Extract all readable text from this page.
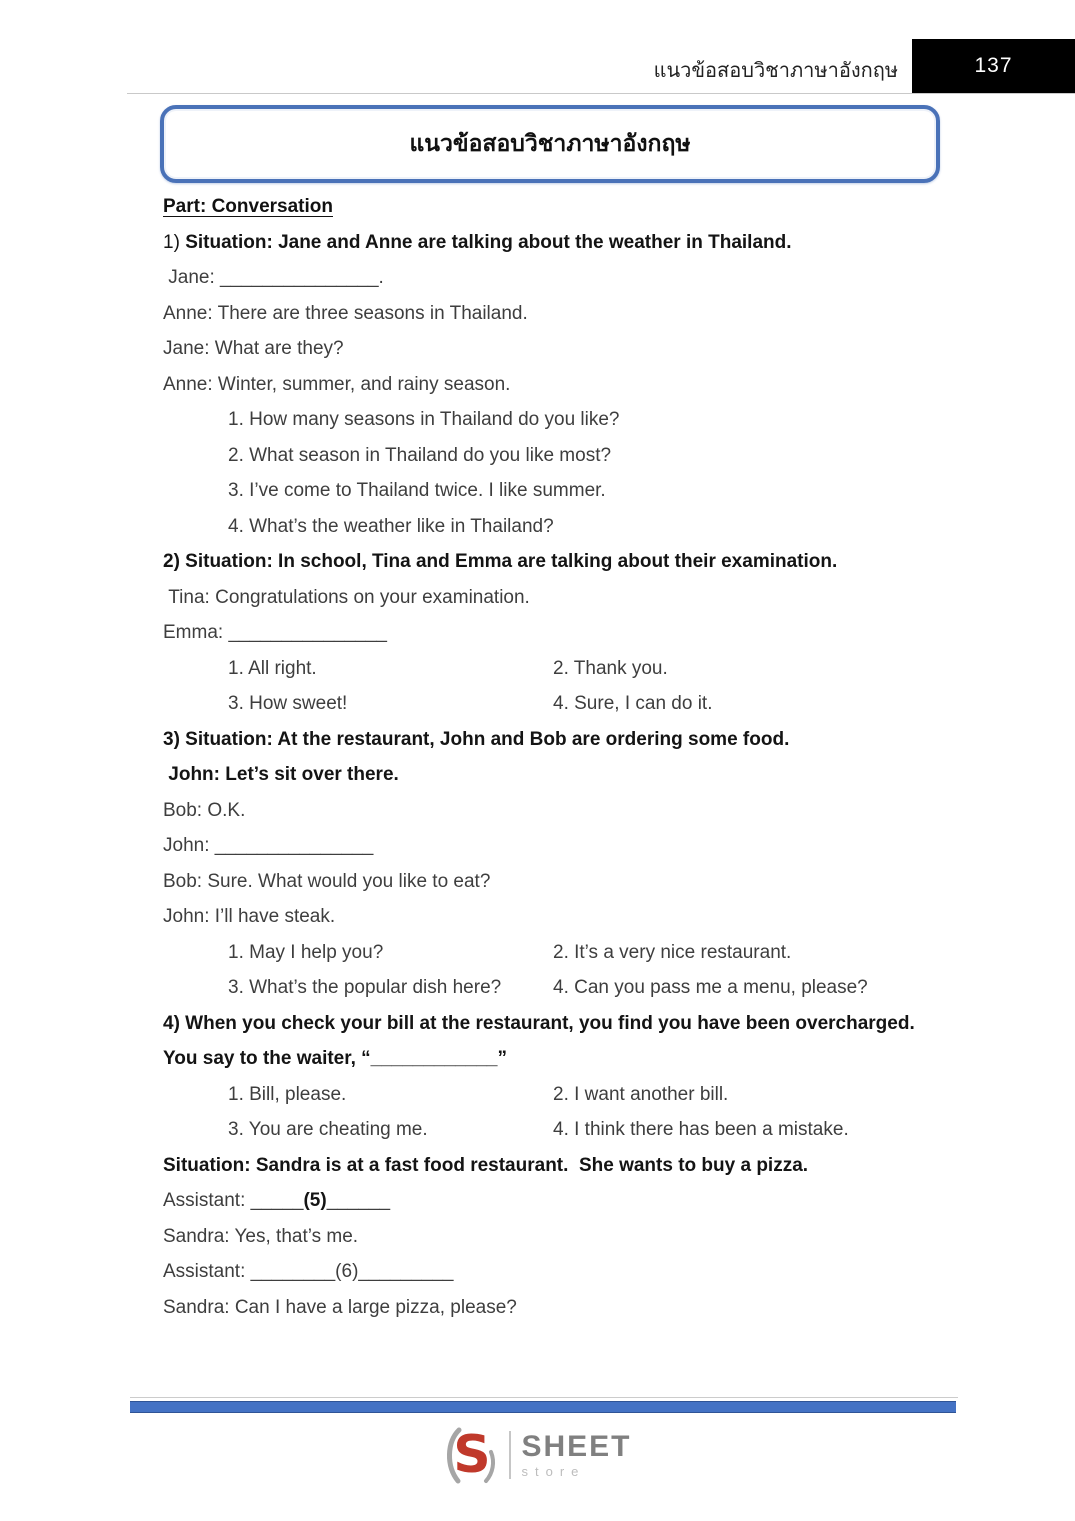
แนวข้อสอบวิชาภาษาอังกฤษ	137
แนวข้อสอบวิชาภาษาอังกฤษ
Part: Conversation
1) Situation: Jane and Anne are talking about the weather in Thailand.
Jane: _______________.
Anne: There are three seasons in Thailand.
Jane: What are they?
Anne: Winter, summer, and rainy season.
1. How many seasons in Thailand do you like?
2. What season in Thailand do you like most?
3. I’ve come to Thailand twice. I like summer.
4. What’s the weather like in Thailand?
2) Situation: In school, Tina and Emma are talking about their examination.
Tina: Congratulations on your examination.
Emma: _______________
1. All right.	2. Thank you.
3. How sweet!	4. Sure, I can do it.
3) Situation: At the restaurant, John and Bob are ordering some food.
John: Let’s sit over there.
Bob: O.K.
John: _______________
Bob: Sure. What would you like to eat?
John: I’ll have steak.
1. May I help you?	2. It’s a very nice restaurant.
3. What’s the popular dish here?	4. Can you pass me a menu, please?
4) When you check your bill at the restaurant, you find you have been overcharged.
You say to the waiter, “____________”
1. Bill, please.	2. I want another bill.
3. You are cheating me.	4. I think there has been a mistake.
Situation: Sandra is at a fast food restaurant.  She wants to buy a pizza.
Assistant: _____(5)______
Sandra: Yes, that’s me.
Assistant: ________(6)_________
Sandra: Can I have a large pizza, please?
S SHEET
store
